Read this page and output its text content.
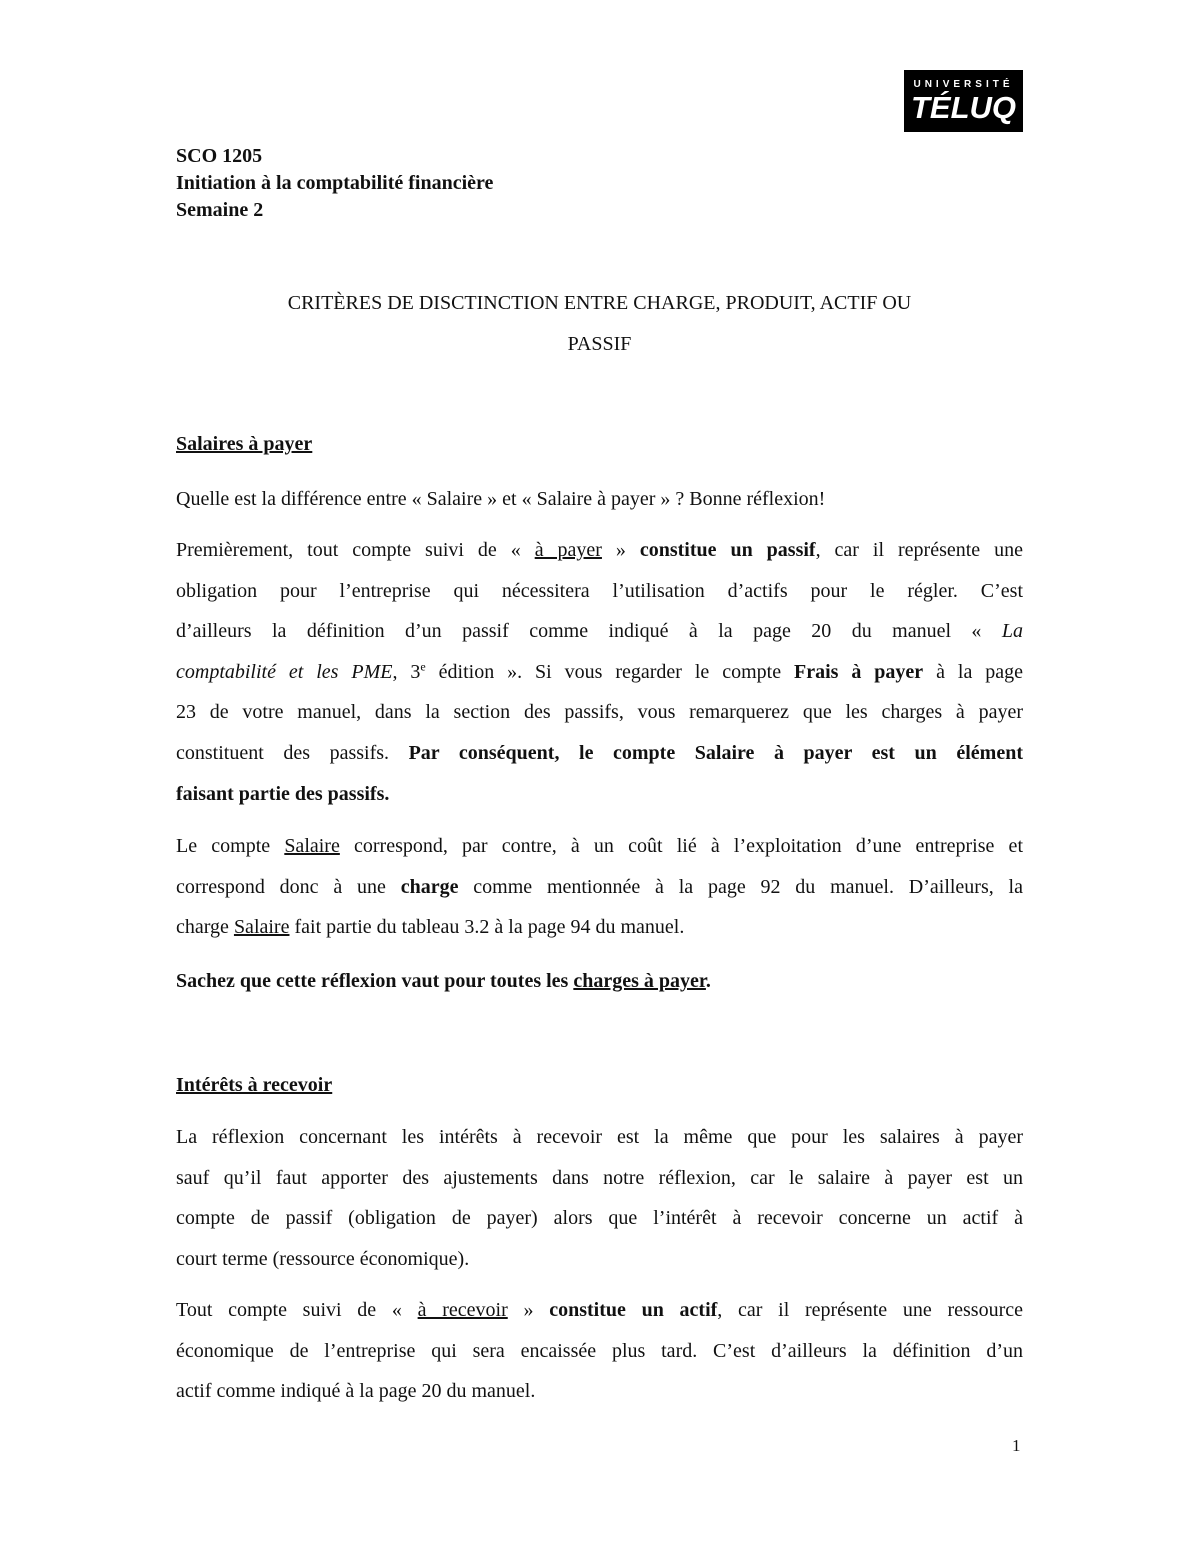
UNIVERSITÉ
TÉLUQ
SCO 1205
Initiation à la comptabilité financière
Semaine 2
CRITÈRES DE DISCTINCTION ENTRE CHARGE, PRODUIT, ACTIF OU
PASSIF
Salaires à payer

Quelle est la différence entre « Salaire » et « Salaire à payer » ? Bonne réflexion!

Premièrement, tout compte suivi de « à payer » constitue un passif, car il représente une
obligation pour l’entreprise qui nécessitera l’utilisation d’actifs pour le régler. C’est
d’ailleurs la définition d’un passif comme indiqué à la page 20 du manuel « La
comptabilité et les PME, 3e édition ». Si vous regarder le compte Frais à payer à la page
23 de votre manuel, dans la section des passifs, vous remarquerez que les charges à payer
constituent des passifs. Par conséquent, le compte Salaire à payer est un élément
faisant partie des passifs.

Le compte Salaire correspond, par contre, à un coût lié à l’exploitation d’une entreprise et
correspond donc à une charge comme mentionnée à la page 92 du manuel. D’ailleurs, la
charge Salaire fait partie du tableau 3.2 à la page 94 du manuel.

Sachez que cette réflexion vaut pour toutes les charges à payer.

Intérêts à recevoir

La réflexion concernant les intérêts à recevoir est la même que pour les salaires à payer
sauf qu’il faut apporter des ajustements dans notre réflexion, car le salaire à payer est un
compte de passif (obligation de payer) alors que l’intérêt à recevoir concerne un actif à
court terme (ressource économique).

Tout compte suivi de « à recevoir » constitue un actif, car il représente une ressource
économique de l’entreprise qui sera encaissée plus tard. C’est d’ailleurs la définition d’un
actif comme indiqué à la page 20 du manuel.

1
